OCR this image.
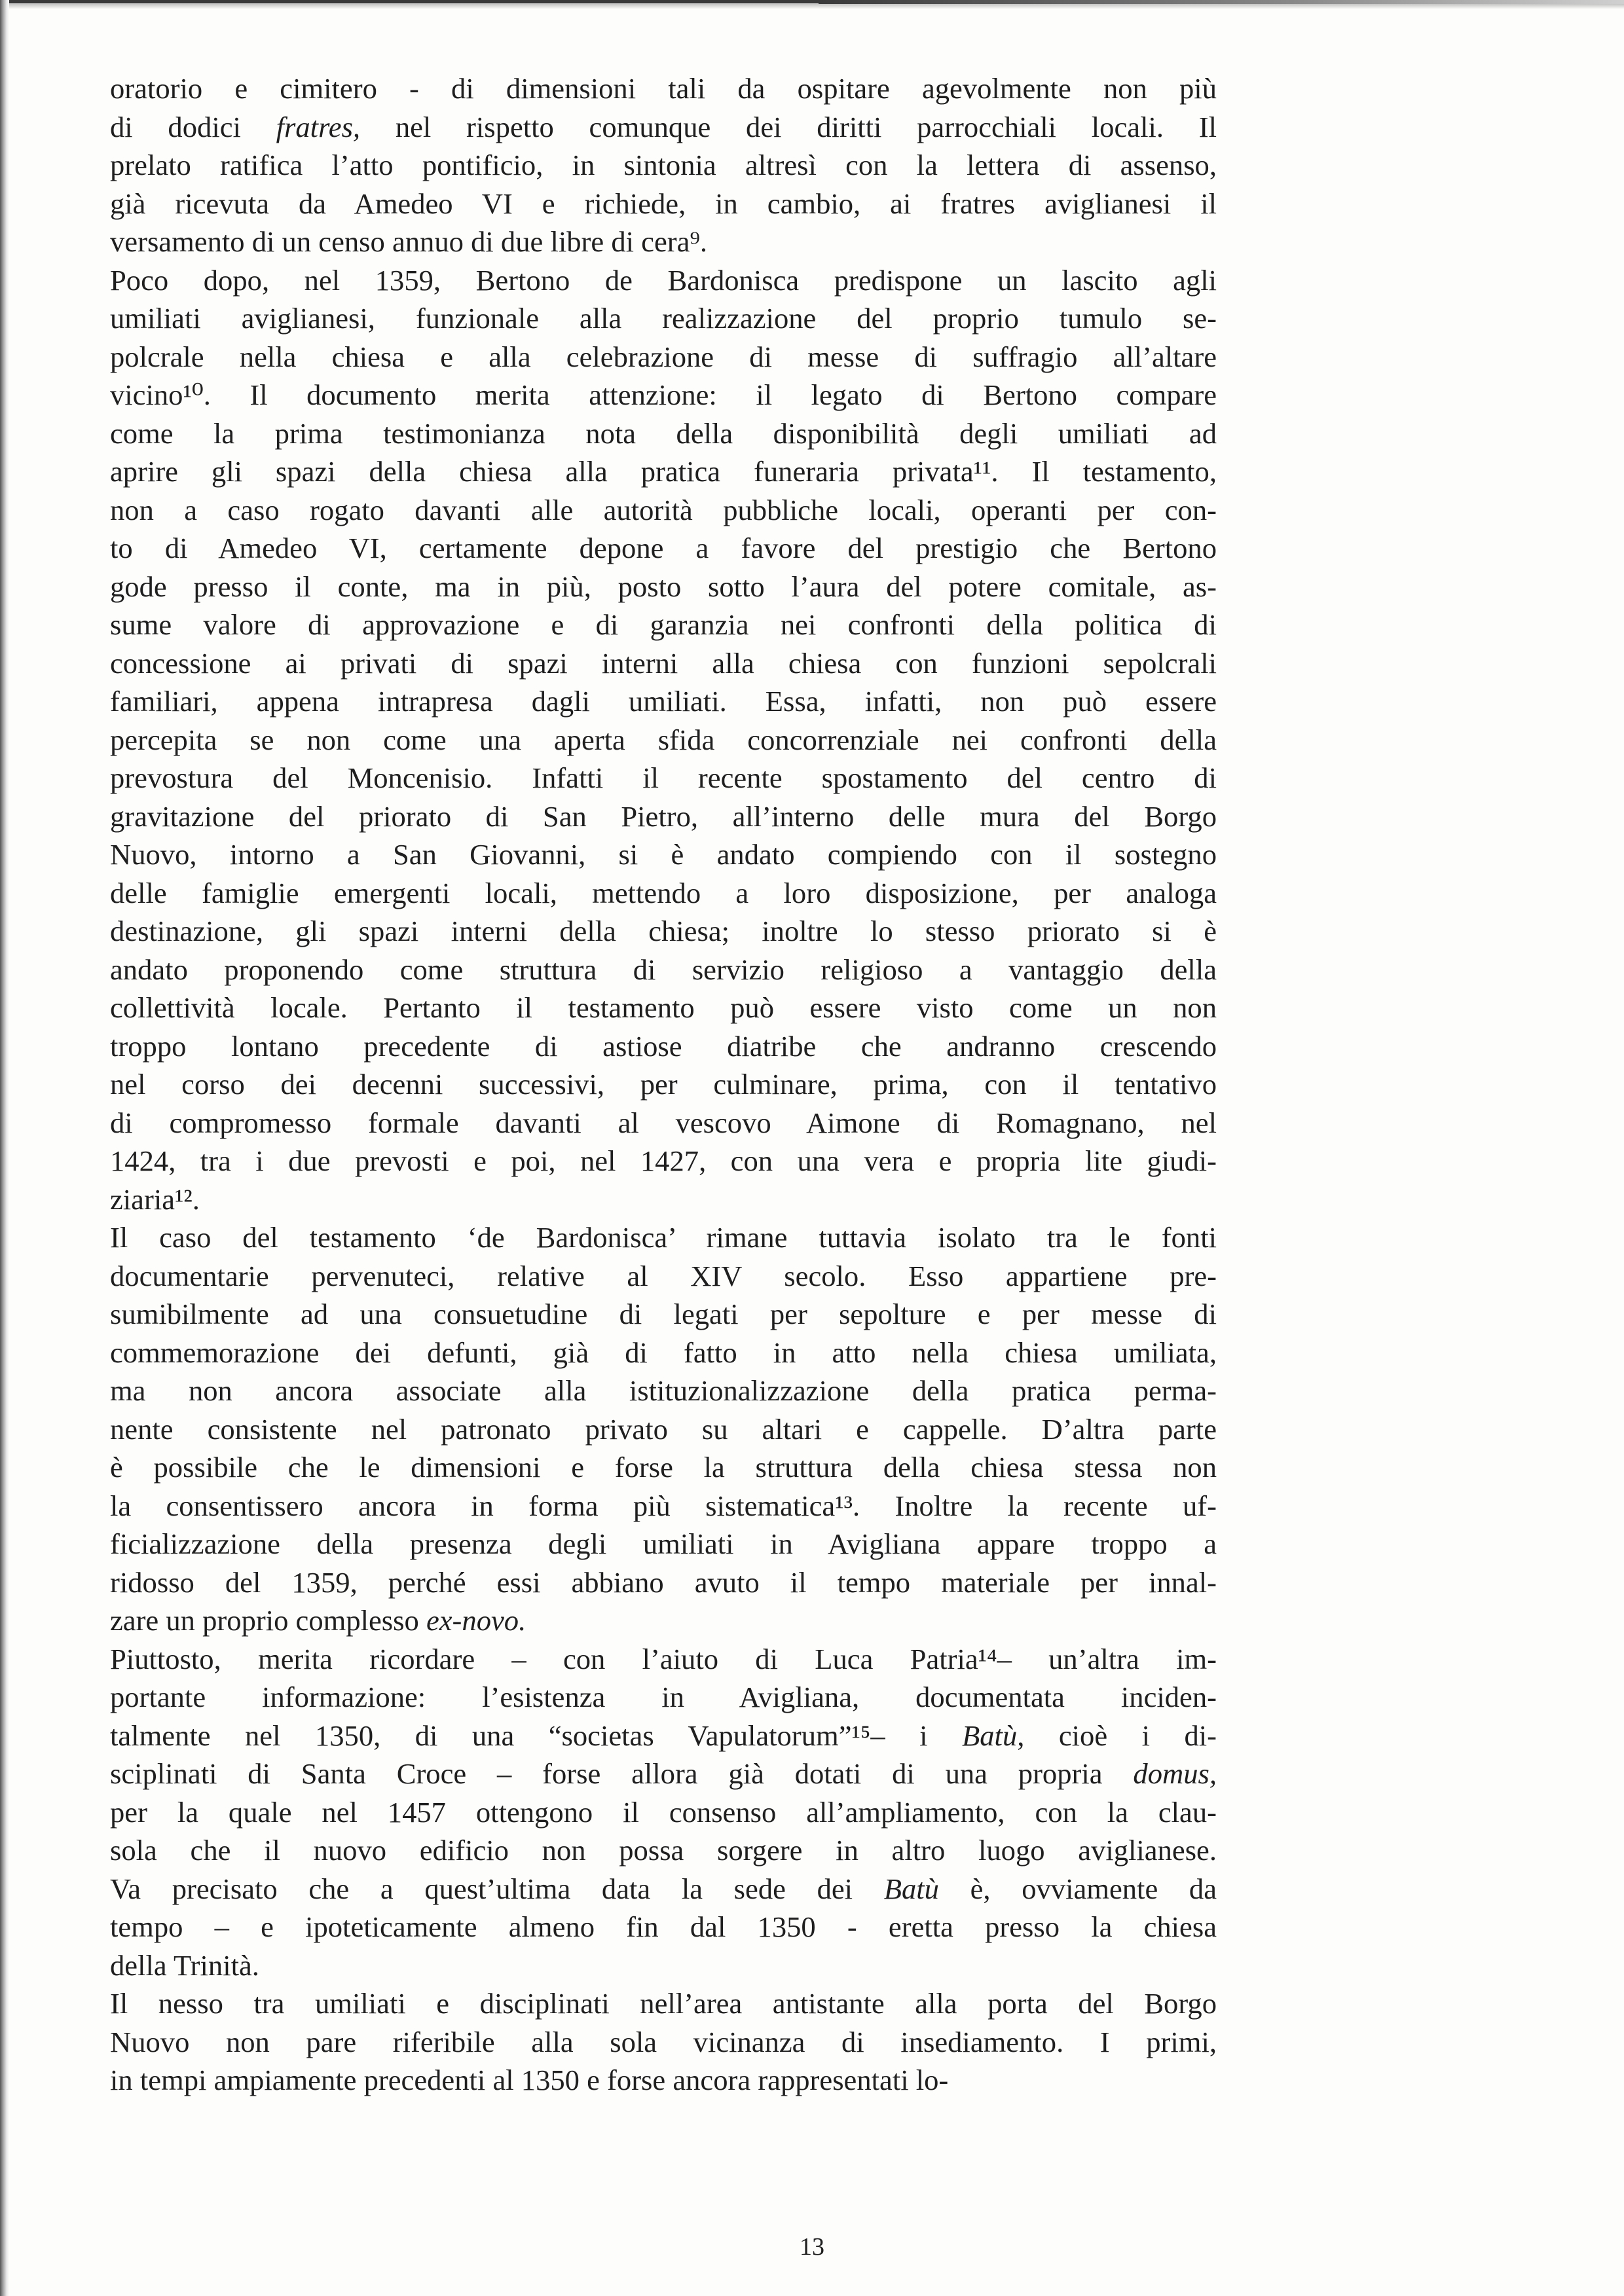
oratorio e cimitero - di dimensioni tali da ospitare agevolmente non più
di dodici fratres, nel rispetto comunque dei diritti parrocchiali locali. Il
prelato ratifica l’atto pontificio, in sintonia altresì con la lettera di assenso,
già ricevuta da Amedeo VI e richiede, in cambio, ai fratres aviglianesi il
versamento di un censo annuo di due libre di cera⁹.

Poco dopo, nel 1359, Bertono de Bardonisca predispone un lascito agli
umiliati aviglianesi, funzionale alla realizzazione del proprio tumulo se-
polcrale nella chiesa e alla celebrazione di messe di suffragio all’altare
vicino¹⁰. Il documento merita attenzione: il legato di Bertono compare
come la prima testimonianza nota della disponibilità degli umiliati ad
aprire gli spazi della chiesa alla pratica funeraria privata¹¹. Il testamento,
non a caso rogato davanti alle autorità pubbliche locali, operanti per con-
to di Amedeo VI, certamente depone a favore del prestigio che Bertono
gode presso il conte, ma in più, posto sotto l’aura del potere comitale, as-
sume valore di approvazione e di garanzia nei confronti della politica di
concessione ai privati di spazi interni alla chiesa con funzioni sepolcrali
familiari, appena intrapresa dagli umiliati. Essa, infatti, non può essere
percepita se non come una aperta sfida concorrenziale nei confronti della
prevostura del Moncenisio. Infatti il recente spostamento del centro di
gravitazione del priorato di San Pietro, all’interno delle mura del Borgo
Nuovo, intorno a San Giovanni, si è andato compiendo con il sostegno
delle famiglie emergenti locali, mettendo a loro disposizione, per analoga
destinazione, gli spazi interni della chiesa; inoltre lo stesso priorato si è
andato proponendo come struttura di servizio religioso a vantaggio della
collettività locale. Pertanto il testamento può essere visto come un non
troppo lontano precedente di astiose diatribe che andranno crescendo
nel corso dei decenni successivi, per culminare, prima, con il tentativo
di compromesso formale davanti al vescovo Aimone di Romagnano, nel
1424, tra i due prevosti e poi, nel 1427, con una vera e propria lite giudi-
ziaria¹².

Il caso del testamento ‘de Bardonisca’ rimane tuttavia isolato tra le fonti
documentarie pervenuteci, relative al XIV secolo. Esso appartiene pre-
sumibilmente ad una consuetudine di legati per sepolture e per messe di
commemorazione dei defunti, già di fatto in atto nella chiesa umiliata,
ma non ancora associate alla istituzionalizzazione della pratica perma-
nente consistente nel patronato privato su altari e cappelle. D’altra parte
è possibile che le dimensioni e forse la struttura della chiesa stessa non
la consentissero ancora in forma più sistematica¹³. Inoltre la recente uf-
ficializzazione della presenza degli umiliati in Avigliana appare troppo a
ridosso del 1359, perché essi abbiano avuto il tempo materiale per innal-
zare un proprio complesso ex-novo.

Piuttosto, merita ricordare – con l’aiuto di Luca Patria¹⁴– un’altra im-
portante informazione: l’esistenza in Avigliana, documentata inciden-
talmente nel 1350, di una “societas Vapulatorum”¹⁵– i Batù, cioè i di-
sciplinati di Santa Croce – forse allora già dotati di una propria domus,
per la quale nel 1457 ottengono il consenso all’ampliamento, con la clau-
sola che il nuovo edificio non possa sorgere in altro luogo aviglianese.
Va precisato che a quest’ultima data la sede dei Batù è, ovviamente da
tempo – e ipoteticamente almeno fin dal 1350 - eretta presso la chiesa
della Trinità.

Il nesso tra umiliati e disciplinati nell’area antistante alla porta del Borgo
Nuovo non pare riferibile alla sola vicinanza di insediamento. I primi,
in tempi ampiamente precedenti al 1350 e forse ancora rappresentati lo-

13
